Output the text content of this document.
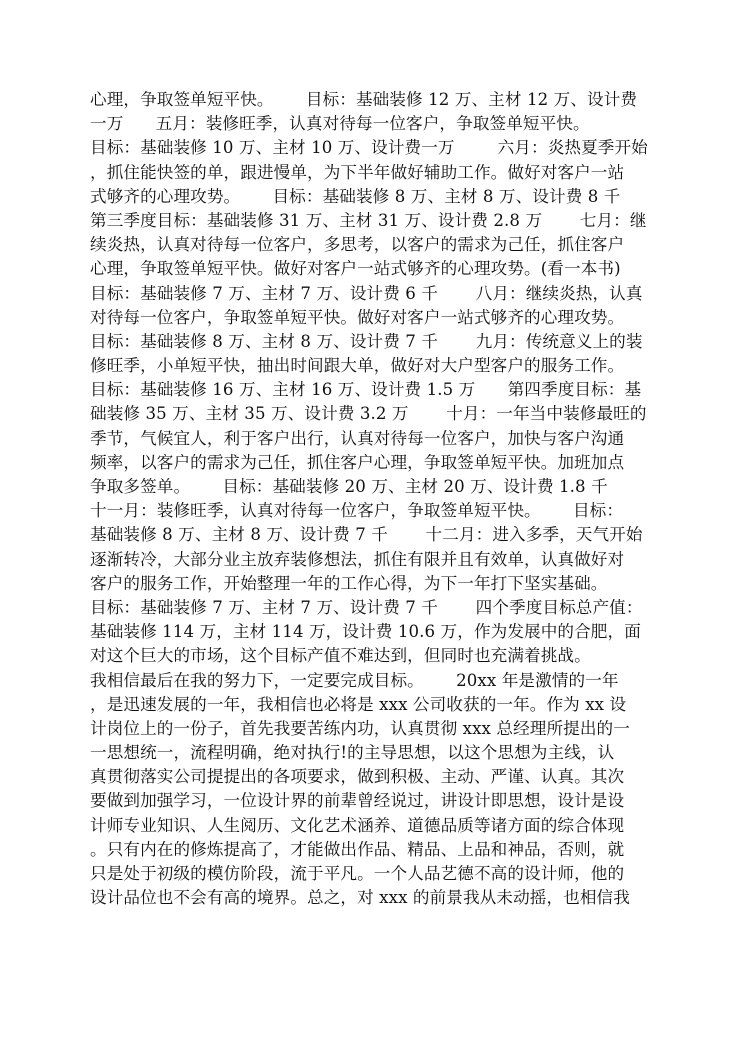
心理，争取签单短平快。      目标：基础装修 12 万、主材 12 万、设计费
一万      五月：装修旺季，认真对待每一位客户，争取签单短平快。
目标：基础装修 10 万、主材 10 万、设计费一万        六月：炎热夏季开始
，抓住能快签的单，跟进慢单，为下半年做好辅助工作。做好对客户一站
式够齐的心理攻势。      目标：基础装修 8 万、主材 8 万、设计费 8 千
第三季度目标：基础装修 31 万、主材 31 万、设计费 2.8 万       七月：继
续炎热，认真对待每一位客户，多思考，以客户的需求为己任，抓住客户
心理，争取签单短平快。做好对客户一站式够齐的心理攻势。(看一本书)
目标：基础装修 7 万、主材 7 万、设计费 6 千       八月：继续炎热，认真
对待每一位客户，争取签单短平快。做好对客户一站式够齐的心理攻势。
目标：基础装修 8 万、主材 8 万、设计费 7 千       九月：传统意义上的装
修旺季，小单短平快，抽出时间跟大单，做好对大户型客户的服务工作。
目标：基础装修 16 万、主材 16 万、设计费 1.5 万      第四季度目标：基
础装修 35 万、主材 35 万、设计费 3.2 万       十月：一年当中装修最旺的
季节，气候宜人，利于客户出行，认真对待每一位客户，加快与客户沟通
频率，以客户的需求为己任，抓住客户心理，争取签单短平快。加班加点
争取多签单。      目标：基础装修 20 万、主材 20 万、设计费 1.8 千
十一月：装修旺季，认真对待每一位客户，争取签单短平快。      目标：
基础装修 8 万、主材 8 万、设计费 7 千       十二月：进入多季，天气开始
逐渐转冷，大部分业主放弃装修想法，抓住有限并且有效单，认真做好对
客户的服务工作，开始整理一年的工作心得，为下一年打下坚实基础。
目标：基础装修 7 万、主材 7 万、设计费 7 千       四个季度目标总产值：
基础装修 114 万，主材 114 万，设计费 10.6 万，作为发展中的合肥，面
对这个巨大的市场，这个目标产值不难达到，但同时也充满着挑战。
我相信最后在我的努力下，一定要完成目标。      20xx 年是激情的一年
，是迅速发展的一年，我相信也必将是 xxx 公司收获的一年。作为 xx 设
计岗位上的一份子，首先我要苦练内功，认真贯彻 xxx 总经理所提出的一
一思想统一，流程明确，绝对执行!的主导思想，以这个思想为主线，认
真贯彻落实公司提提出的各项要求，做到积极、主动、严谨、认真。其次
要做到加强学习，一位设计界的前辈曾经说过，讲设计即思想，设计是设
计师专业知识、人生阅历、文化艺术涵养、道德品质等诸方面的综合体现
。只有内在的修炼提高了，才能做出作品、精品、上品和神品，否则，就
只是处于初级的模仿阶段，流于平凡。一个人品艺德不高的设计师，他的
设计品位也不会有高的境界。总之，对 xxx 的前景我从未动摇，也相信我
